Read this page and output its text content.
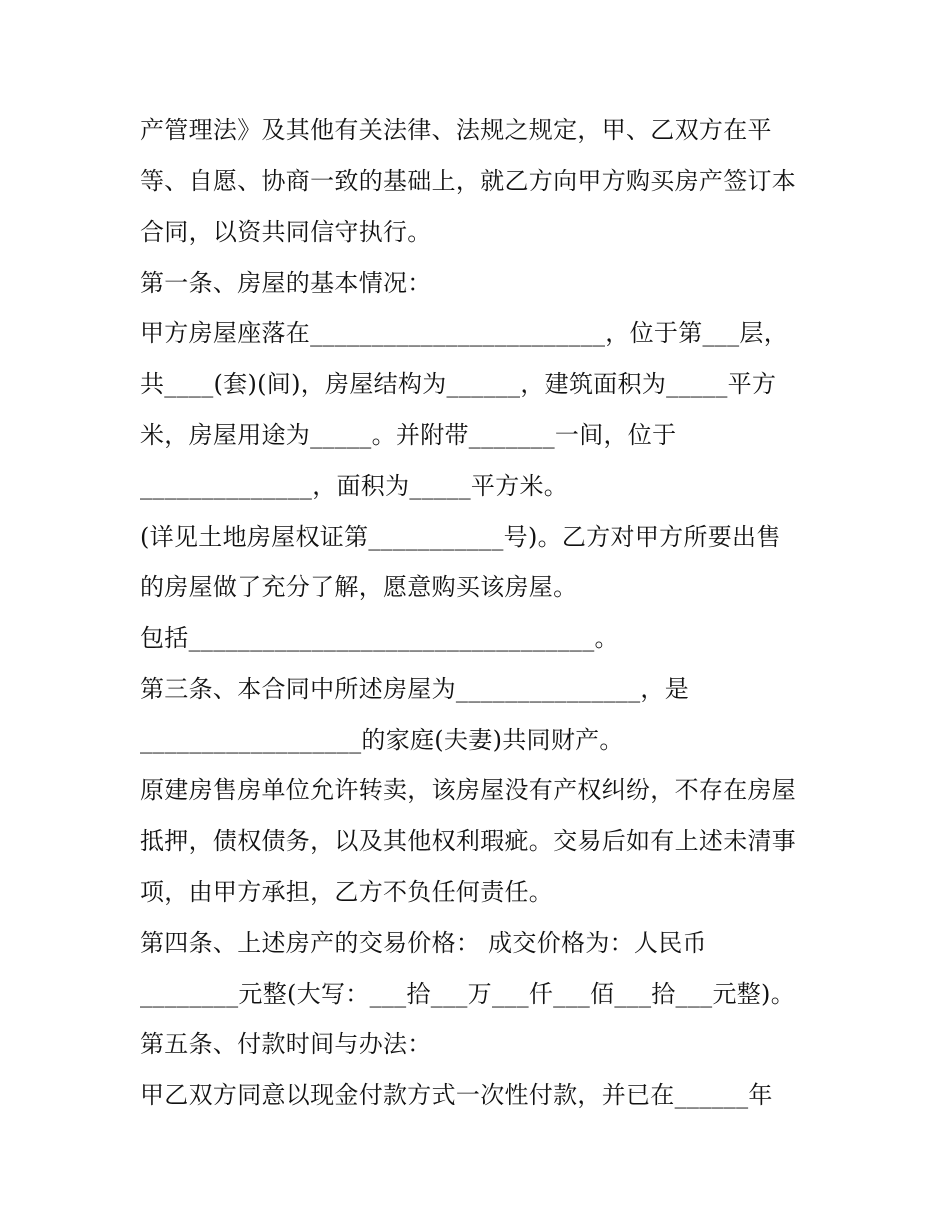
产管理法》及其他有关法律、法规之规定，甲、乙双方在平
等、自愿、协商一致的基础上，就乙方向甲方购买房产签订本
合同，以资共同信守执行。
第一条、房屋的基本情况：
甲方房屋座落在________________________，位于第___层，
共____(套)(间)，房屋结构为______，建筑面积为_____平方
米，房屋用途为_____。并附带_______一间，位于
______________，面积为_____平方米。
(详见土地房屋权证第___________号)。乙方对甲方所要出售
的房屋做了充分了解，愿意购买该房屋。
包括_________________________________。
第三条、本合同中所述房屋为_______________，是
__________________的家庭(夫妻)共同财产。
原建房售房单位允许转卖，该房屋没有产权纠纷，不存在房屋
抵押，债权债务，以及其他权利瑕疵。交易后如有上述未清事
项，由甲方承担，乙方不负任何责任。
第四条、上述房产的交易价格： 成交价格为：人民币
________元整(大写：___拾___万___仟___佰___拾___元整)。
第五条、付款时间与办法：
甲乙双方同意以现金付款方式一次性付款，并已在______年
